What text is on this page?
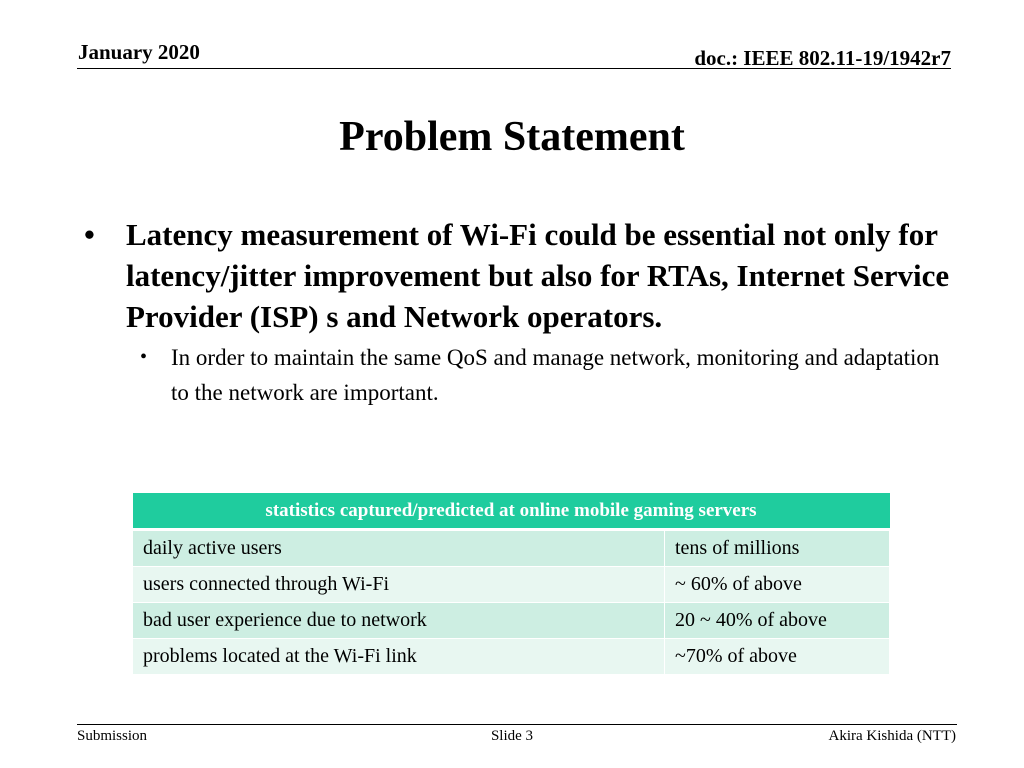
January 2020	doc.: IEEE 802.11-19/1942r7
Problem Statement
• Latency measurement of Wi-Fi could be essential not only for latency/jitter improvement but also for RTAs, Internet Service Provider (ISP) s and Network operators.
• In order to maintain the same QoS and manage network, monitoring and adaptation to the network are important.
statistics captured/predicted at online mobile gaming servers	
daily active users	tens of millions
users connected through Wi-Fi	~ 60% of above
bad user experience due to network	20 ~ 40% of above
problems located at the Wi-Fi link	~70% of above
Submission	Slide 3	Akira Kishida (NTT)
